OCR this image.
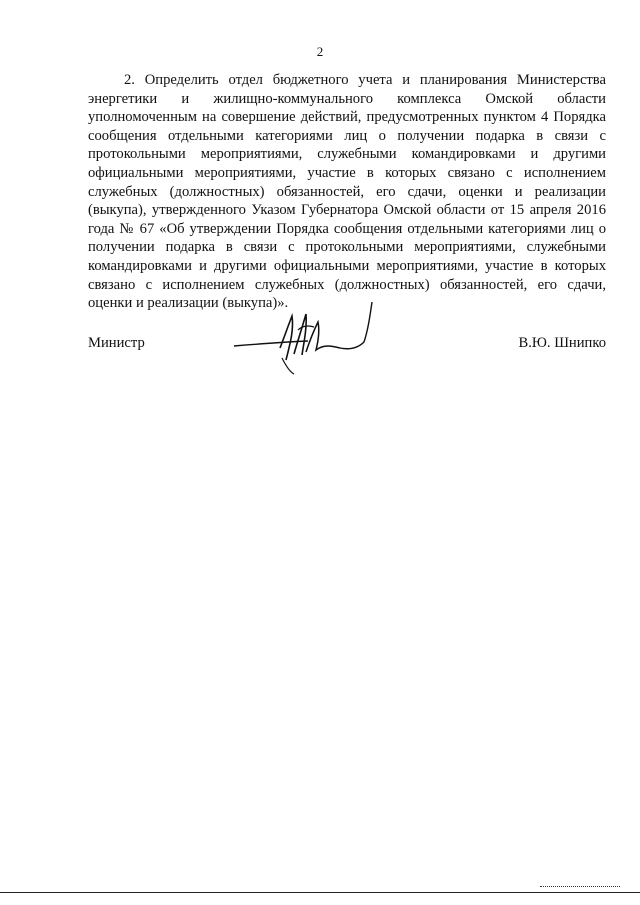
2

2. Определить отдел бюджетного учета и планирования Министерства энергетики и жилищно-коммунального комплекса Омской области уполномоченным на совершение действий, предусмотренных пунктом 4 Порядка сообщения отдельными категориями лиц о получении подарка в связи с протокольными мероприятиями, служебными командировками и другими официальными мероприятиями, участие в которых связано с исполнением служебных (должностных) обязанностей, его сдачи, оценки и реализации (выкупа), утвержденного Указом Губернатора Омской области от 15 апреля 2016 года № 67 «Об утверждении Порядка сообщения отдельными категориями лиц о получении подарка в связи с протокольными мероприятиями, служебными командировками и другими официальными мероприятиями, участие в которых связано с исполнением служебных (должностных) обязанностей, его сдачи, оценки и реализации (выкупа)».

Министр	В.Ю. Шнипко
